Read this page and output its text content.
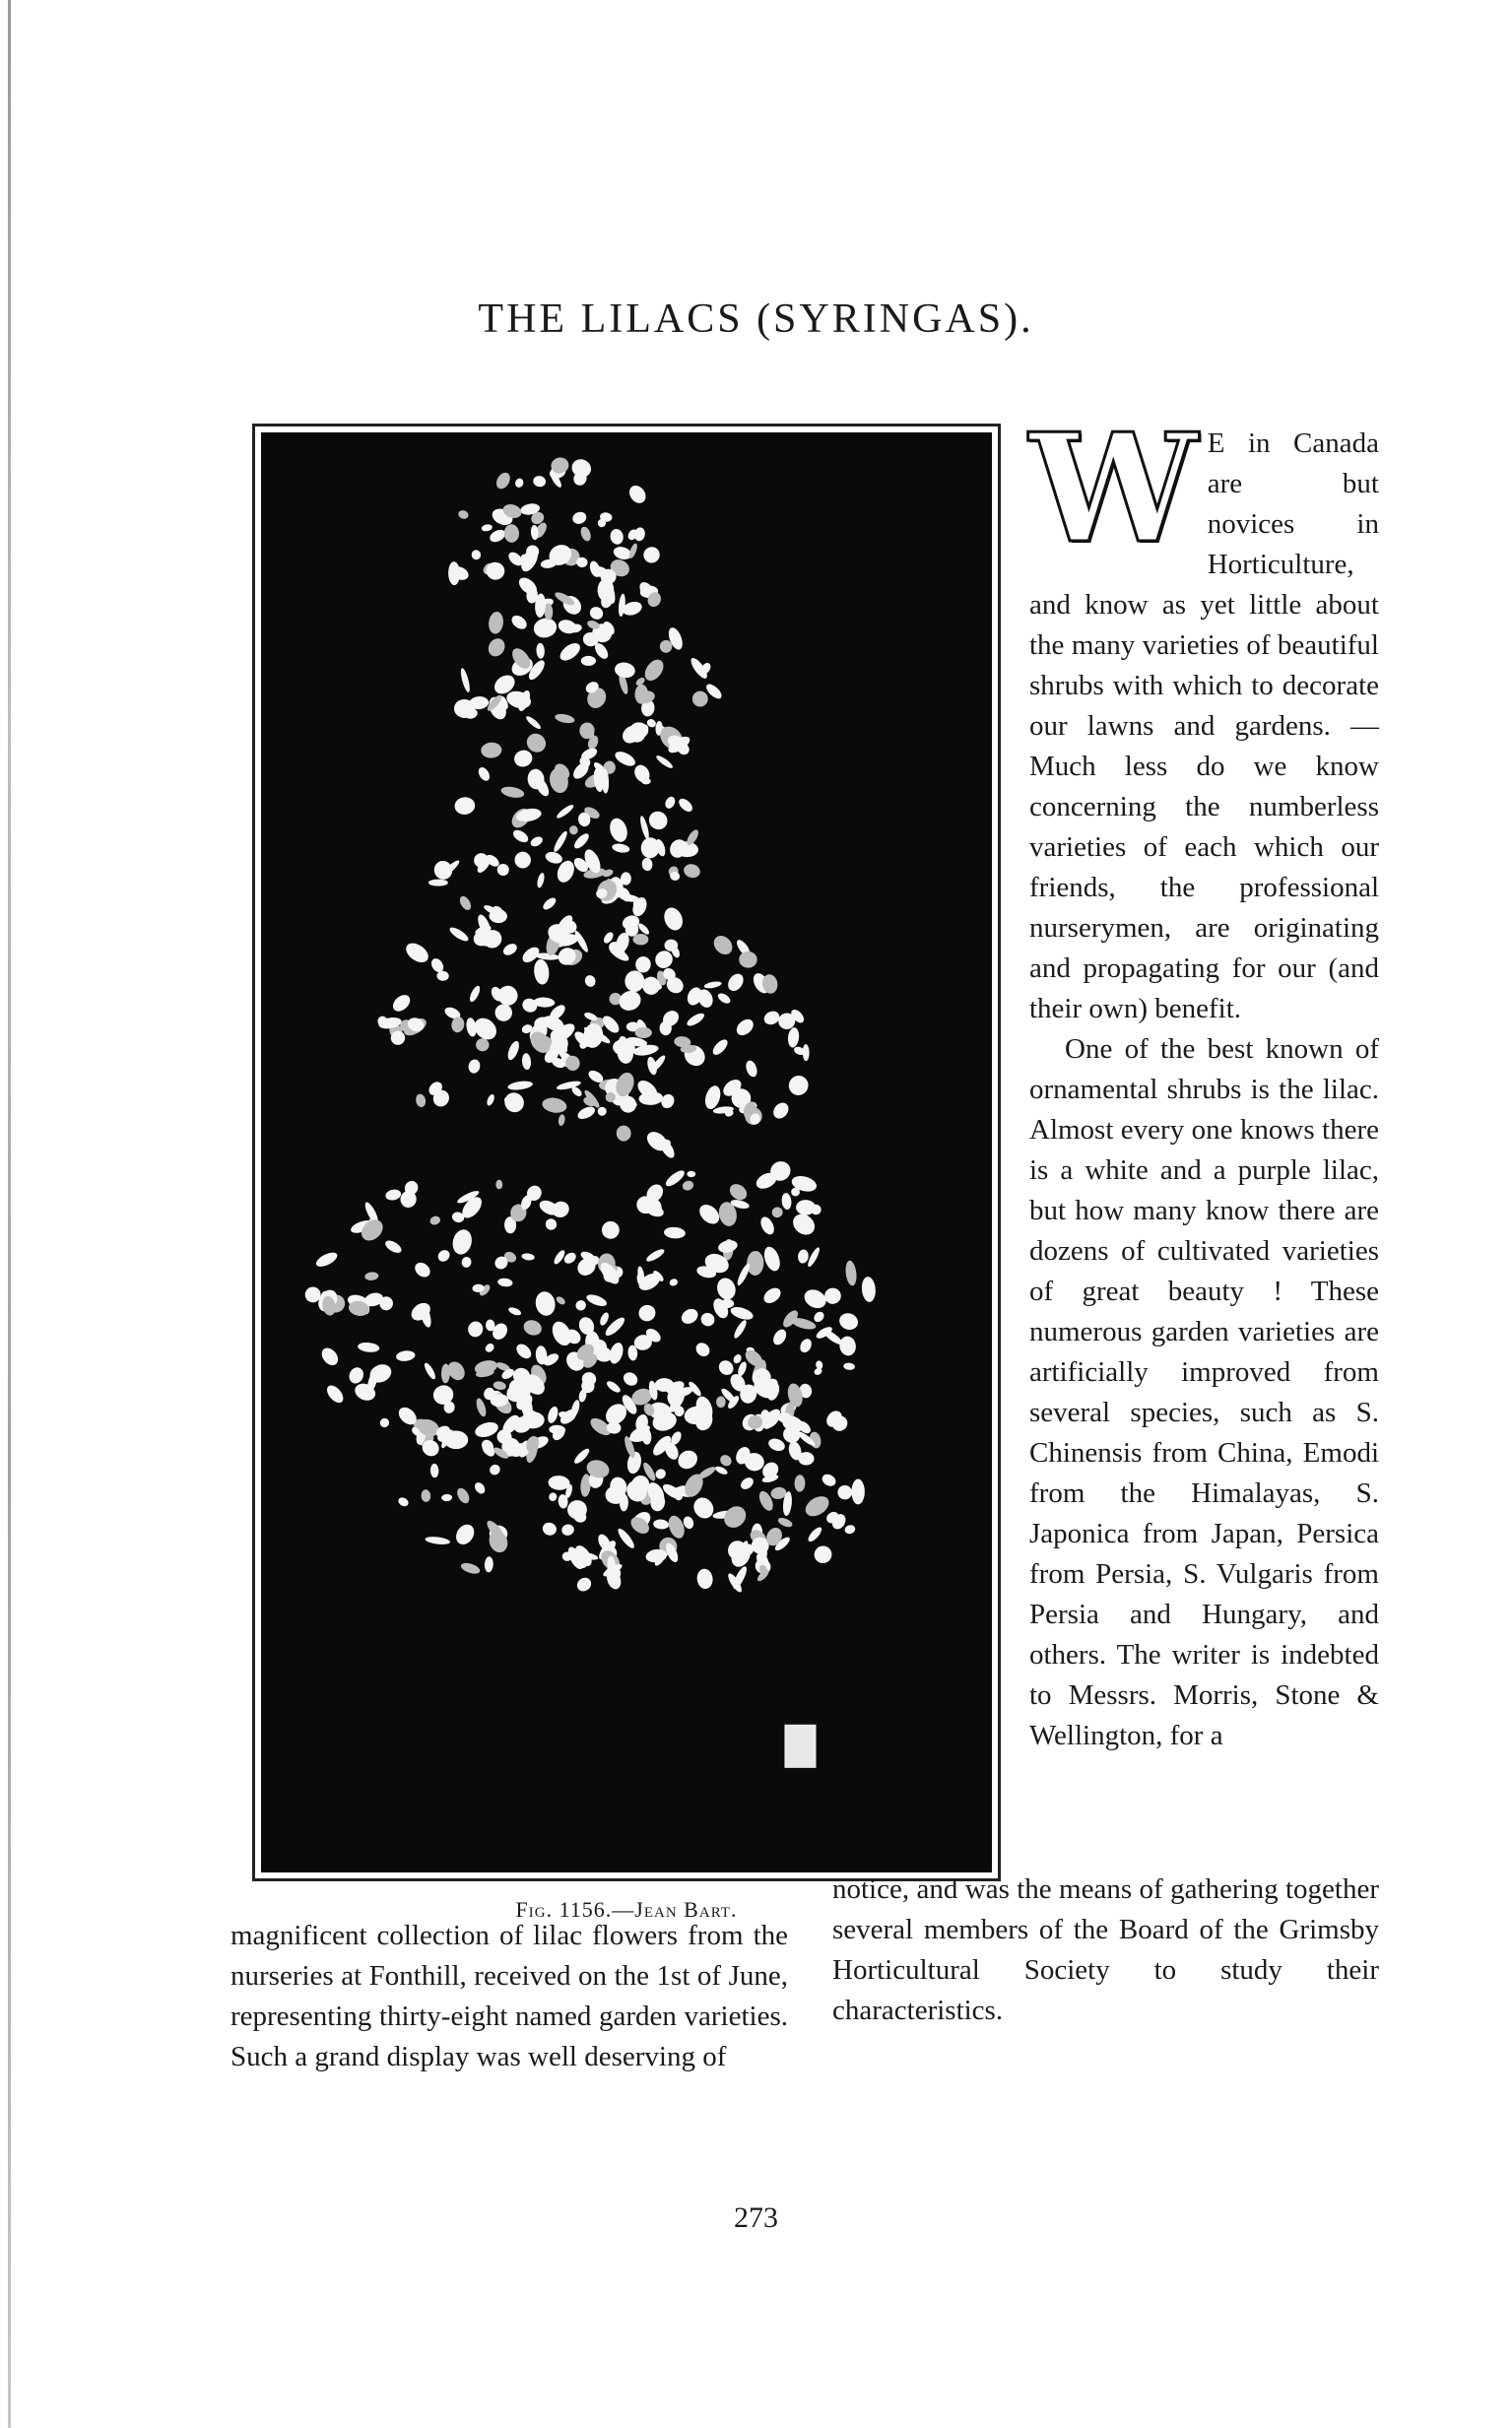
THE LILACS (SYRINGAS).
Fig. 1156.—Jean Bart.

W E in Canada are but novices in Horticulture, and know as yet little about the many varieties of beautiful shrubs with which to decorate our lawns and gardens. — Much less do we know concerning the numberless varieties of each which our friends, the professional nurserymen, are originating and propagating for our (and their own) benefit.

One of the best known of ornamental shrubs is the lilac. Almost every one knows there is a white and a purple lilac, but how many know there are dozens of cultivated varieties of great beauty ! These numerous garden varieties are artificially improved from several species, such as S. Chinensis from China, Emodi from the Himalayas, S. Japonica from Japan, Persica from Persia, S. Vulgaris from Persia and Hungary, and others. The writer is indebted to Messrs. Morris, Stone & Wellington, for a

magnificent collection of lilac flowers from the nurseries at Fonthill, received on the 1st of June, representing thirty-eight named garden varieties. Such a grand display was well deserving of

notice, and was the means of gathering together several members of the Board of the Grimsby Horticultural Society to study their characteristics.

273
